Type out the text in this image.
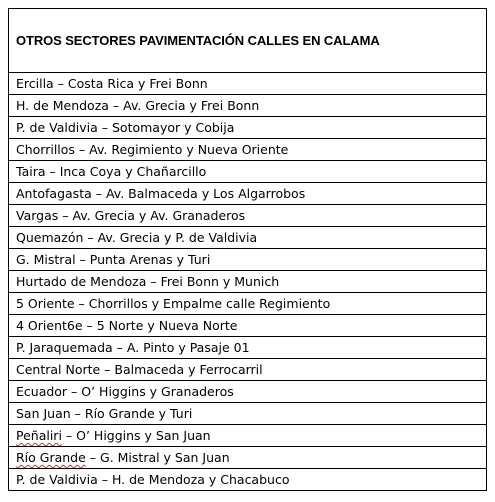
OTROS SECTORES PAVIMENTACIÓN CALLES EN CALAMA
Ercilla – Costa Rica y Frei Bonn
H. de Mendoza – Av. Grecia y Frei Bonn
P. de Valdivia – Sotomayor y Cobija
Chorrillos – Av. Regimiento y Nueva Oriente
Taira – Inca Coya y Chañarcillo
Antofagasta – Av. Balmaceda y Los Algarrobos
Vargas – Av. Grecia y Av. Granaderos
Quemazón – Av. Grecia y P. de Valdivia
G. Mistral – Punta Arenas y Turi
Hurtado de Mendoza – Frei Bonn y Munich
5 Oriente – Chorrillos y Empalme calle Regimiento
4 Orient6e – 5 Norte y Nueva Norte
P. Jaraquemada – A. Pinto y Pasaje 01
Central Norte – Balmaceda y Ferrocarril
Ecuador – O’ Higgins y Granaderos
San Juan – Río Grande y Turi
Peñaliri – O’ Higgins y San Juan
Río Grande – G. Mistral y San Juan
P. de Valdivia – H. de Mendoza y Chacabuco
